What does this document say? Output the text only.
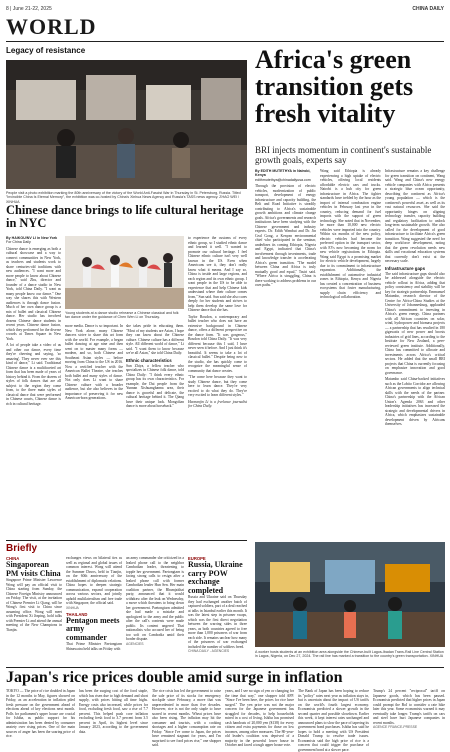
8 | June 21-22, 2025	CHINA DAILY
WORLD
Legacy of resistance
People visit a photo exhibition marking the 80th anniversary of the victory of the World Anti-Fascist War in Thursday in St. Petersburg, Russia. Titled "Invincible China Is Eternal Memory", the exhibition was co-hosted by China's Xinhua News Agency and Russia's TASS news agency. ZHAO WEI / XINHUA
Chinese dance brings to life cultural heritage in NYC
By HAIKOU/NV LI in New York
For China Daily
Chinese dance is emerging as both a cultural showcase and a way to connect communities in New York, as teachers and students work to share centuries-old traditions with new audiences. "I want more and more people to know about Chinese dance," said Zhu, director and founder of a dance studio in New York, told China Daily. "I want as many people know our dance." One way she shares this with Western audiences is through dance fusion. Much of her own dance group is a mix of ballet and classical Chinese dance. Her studio has involved dozens Chinese dance students in recent years. Chinese dance fusion, which they performed for the diverse crowds at Times Square in New York.
A lot of people take a video of us and other our dance, every time they're cheering and saying, 'so amazing'. They never ever see this kind of dance," Li said. Traditional Chinese dance is a multifaceted art form that has been made of years of history behind it. From the dozens of styles of folk dances that are all subject to the region they come from, to the three main styles of classical dance that were performed in Chinese courts, Chinese dance is rich in cultural heritage.
Young students at a dance studio rehearse a Chinese classical and folk fan dance under the guidance of Chen Wen Li on Thursday.
more media. Dance is so important. In New York alone, many Chinese dancers strive to share this art form with the world. For example, a began ballet dancing at age nine and then went on to master many forms — modern, and so, both Chinese and Southeast Asian styles — before moving from China to the US in 2016. Now a certified teacher with the American Ballet Theatre, she teaches both ballet and many styles of dance. Not only does Li want to share Chinese culture with a broader audience, but she also believes in the importance of preserving it for new American-born generations.
she takes pride in educating them. "Most of my students are Asian, I hope they can know about the Chinese culture. Chinese culture has a different style. All different world of dance," Li said. "I want them to know because we're all Asian," she told China Daily.
Ethnic characteristics
Sun Zhiya, a fellow teacher who specializes in Chinese folk dance, told China Daily: "I think every ethnic group has its own characteristics. For example, the Dai people from the Yunnan Xishuangbanna area, their dance is graceful and delicate, the cultural heritage behind it. The Qiang have their unique look. Mongolian dance is more about horseback."
to experience the customs of every ethnic group, so I studied ethnic dance and learned it well. "I wanted to promote our cultural heritage. I feel Chinese ethnic culture isn't very well known in the US. Even when Americans see it, they don't really know what it means. And I say so, China is inside and large regions, and each region and its own ethnic group. I want people in the US to be able to experience that and help Chinese kids understand where their culture comes from," Sun said. Sun said she also cares deeply for her students and strives to help them develop the same love for Chinese dance that she has.
Taylor Boudon, a contemporary and ballet teacher who does not have an extensive background in Chinese dance, offers a different perspective on the dance form. "It was gorgeous," Boudon told China Daily. "It was very different because this I said, I have never seen it before. And I just think it's beautiful. It seems to take a lot of classical ballet." Despite being new to the studio, she has quickly come to recognize the meaningful sense of community that dance creates.
"The come here because they want to study Chinese dance, but they come here to learn dance. They're very excited to do what they do. They're very excited to learn different styles."
Haonanjin Li is a freelance journalist for China Daily.
Africa's green transition gets fresh vitality
BRI injects momentum in continent's sustainable growth goals, experts say
By EDITH MUTETHYA in Nairobi, Kenya
edithmutethya@chinadailyusa.com
Through the provision of electric vehicles, modernization of public transport, development of energy infrastructure and capacity building, the Belt and Road Initiative is steadily contributing to Africa's sustainable growth ambitions and climate change goals. Africa's governments and research institutions have been studying with the Chinese government and industry experts. Dr. Edith Wambui and Dr. Jin Ceal Gong, a Kenyan environmental chief who participated in the seminar, underlines its coming Ethiopia, Nigeria and Egypt, indicated that China's involvement through investments, trade and knowledge transfer is accelerating Africa's green transition. "The model between China and Africa is truly mutually good and equal," Tasiri said. "Where Africa is struggling, China is there working to address problems in our own paths."
Wang said Ethiopia is already experiencing a high uptake of electric vehicles, offering local residents affordable electric cars and trucks. Nairobi is a hub city for green infrastructure in Africa. The tighter standards have trebled by the hour as the import of internal combustion engine vehicles in February last year in the country, reducing demand for fuel imports with the support of green technology. She noted that in November, he more than 10,000 new electric vehicles were imported into the country. Within six months of the new policy, electric vehicles had become the preferred option in the transport sector, with EVs now becoming the norm for new vehicle registrations in Ethiopia. Wang said Egypt is a promising market for electric vehicle development, largely due to its commitment to infrastructure expansion. Additionally, the establishment of automotive industrial zones in Ethiopia, Kenya and Nigeria has created a concentration of business ecosystems that foster manufacturing, supply chain efficiency and technological collaboration.
Infrastructure remains a key challenge for green transition on continent, Wang said. Wang and China's new energy vehicle companies with Africa presents a strategic blue ocean opportunity, describing the continent as Africa's young population — which is the continent's powerful asset, as well as its vast natural resources. She said the opportunity hinges on aligning technology transfer, capacity building and regulatory facilitation to unlock long-term sustainable growth. She also called for the development of good infrastructure to facilitate Africa's green transition. Wang suggested the need for deep workforce development, noting that the green revolution needs new skills and vocational education systems that currently don't exist at the necessary scale.
Infrastructure gaps
The said infrastructure gaps should also be addressed alongside the electric vehicle rollout in Africa, adding that policy consistency and stability will be key for strategic partnership. Emmanuel Matambo, research director of the Centre for Africa-China Studies at the University of Johannesburg, applauded China's commitment to investing in Africa's green energy. China partners with all African countries on solar, wind, hydropower and biomass projects — a partnership that has resulted in 180 gigawatts of new power and boosts industries of grid lines, according to the Institute for New Zealand, a peer-reviewed green institute. Additionally, China has committed to allocate and investments across Africa's critical sectors. He added that the small BRI projects that China is currently focusing on emphasize innovation and good governance.
Matambo said China-backed initiatives such as the Lobito Corridor are allowing African governments to align technical skills with the needs of the partner. China's partnership with the African Union's Agenda 2063 and other leadership initiatives has increased the strategic and developmental drivers in Africa, which emphasizes sustainable development driven by Africans themselves.
A worker hosts students at an exhibition area alongside the Chinese-built Lagos-Ibadan Trans-Rail Line Central Station in Lagos, Nigeria, on Dec 27, 2024. The rail line has marked a transition to the country's green transportation. XINHUA
Briefly
CHINA
Singaporean PM visits China
Singapore Prime Minister Lawrence Wong will pay an official visit to China starting from Sunday, the Chinese Foreign Ministry announced on Friday. The visit, at the invitation of Chinese Premier Li Qiang, will be Wong's first visit to China since assuming office. Wong will meet with President Xi Jinping, hold talks with Premier Li and attend the annual meeting of the New Champions in Tianjin.
exchanges views on bilateral ties as well as regional and global issues of common interest. Wong will attend the Summer Davos, held in Tianjin, on the 60th anniversary of the establishment of diplomatic relations. China hopes to deepen strategic communication, expand cooperation across various sectors, and jointly uphold multilateralism and free trade with Singapore, the official said.
XINHUA
THAILAND
Pentagon meets army commander
Thai Prime Minister Paetongtarn Shinawatra held talks on Friday with
an army commander she criticized in a leaked phone call to the neighbor Cambodian leader, threatening to topple her government. Paetongtarn is facing strong calls to resign after a leaked phone call with former Cambodian leader Hun Sen. Her main coalition partner, the Bhumjaithai party, announced that it would withdraw after the leak on Wednesday, a move which threatens to bring down her government. Paetongtarn admitted she had made a mistake and apologized to the army and the public after the call's contents were made public. Its content angered Thai nationalists who accused her of being too soft on Cambodia amid their border dispute.
AGENCIES
EUROPE
Russia, Ukraine carry POW exchange completed
Russia and Ukraine said on Thursday they had exchanged another batch of captured soldiers, part of a deal reached at talks in Istanbul earlier this month. It was the latest step in prisoner swaps, which was the first direct negotiation between the warring sides in three years, as both countries agreed to free more than 1,000 prisoners of war from each side. It remains unclear how many of the prisoners of war exchanged included the number of soldiers freed.
CHINA DAILY - AGENCIES
Japan's rice prices double amid surge in inflation
TOKYO — The price of rice doubled in Japan in the 12 months to May, figures showed on Friday, as an acceleration in inflation piled fresh pressure on the government ahead of elections ahead of key elections next month. Polls for parliament's upper house are crucial for Ishiba, as public support for his administration has been dented by consumer anxiety over rising prices. One of the main sources of anger has been the soaring price of rice.
has been the surging cost of the food staple, which has risen due to high demand and short supply, with prices hitting all time highs. Energy costs also increased, while prices for food, excluding fresh food, saw a rise of 7.7 percent. This helped push core inflation excluding fresh food to 3.7 percent from 3.5 percent in April, its highest level since January 2023, according to the government data.
The rice crisis has led the government to raise the sale price of its stocks for emergency stockpile since February, a move that was unprecedented in more than five decades. However, rice is not the only staple to have soared in recent months. Wheat prices have also been rising. The inflation may hit the consumer and tourists, with a cooking shortages and a higher consumption rate on Friday. "Since I've come to Japan, the prices have remained stagnant for years, and I'm surprised to see food prices rise," one shopper said.
years, and I see no sign of yen or changing for the time that way," one shopper told AFP. "Since I've been here, the prices for rice have surged." The yen price was not the major concern for the Japanese government has struggled for decades, to help households mired in a cost of living, Ishiba has promised cash handouts of 20,000 yen ($138) for every citizen and extra payments for those on low incomes, among other measures. The 80-year-old leader's coalition was deprived of a majority in the powerful lower house in October and faced a tough upper house vote.
The Bank of Japan has been hoping to reduce its "policy" rates next year as inflation stays in, but is uncertain about the impact of US tariffs on the world's fourth largest economy. Economists predicted a slower growth in the second quarter and possible slowdown. Earlier this week, it kept interest rates unchanged and announced plans to slow the pace of tapering its government bond purchases. Ishiba has said he hopes to hold a meeting with US President Donald Trump to resolve trade issues. Economists said the high price of rice is a concern that could trigger the purchase of government bond at a slower pace.
Trump's 24 percent "reciprocal" tariff on Japanese goods, which has been paused. Economists predicted that higher prices in Japan could prompt the BoJ to consider a rate hike later this year. Some economists warned it may eventually take longer. Trump's tariffs on cars and steel have hurt Japanese companies in recent months.
AGENCE FRANCE-PRESSE
